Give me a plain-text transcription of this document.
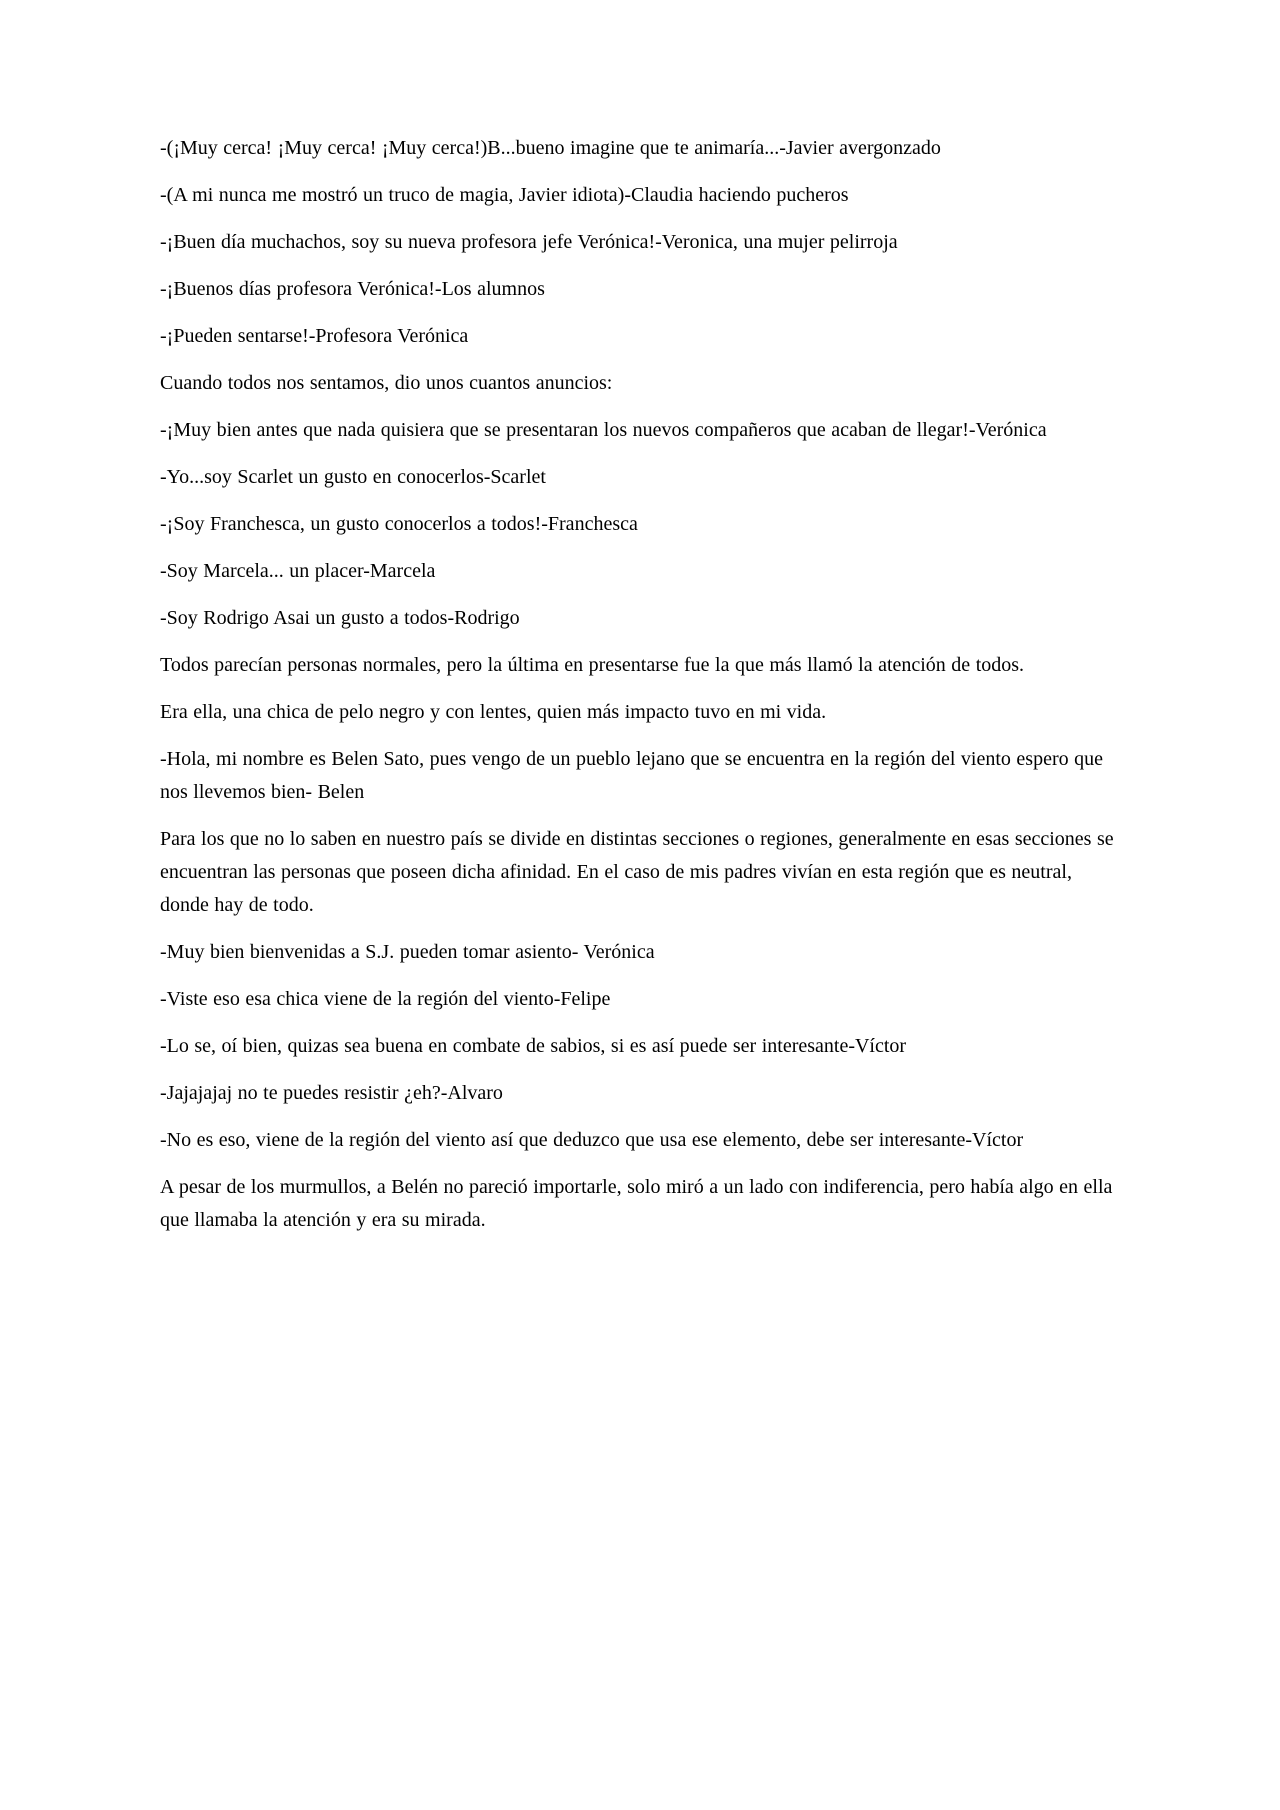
-(¡Muy cerca! ¡Muy cerca! ¡Muy cerca!)B...bueno imagine que te animaría...-Javier avergonzado

-(A mi nunca me mostró un truco de magia, Javier idiota)-Claudia haciendo pucheros

-¡Buen día muchachos, soy su nueva profesora jefe Verónica!-Veronica, una mujer pelirroja

-¡Buenos días profesora Verónica!-Los alumnos

-¡Pueden sentarse!-Profesora Verónica

Cuando todos nos sentamos, dio unos cuantos anuncios:

-¡Muy bien antes que nada quisiera que se presentaran los nuevos compañeros que acaban de llegar!-Verónica

-Yo...soy Scarlet un gusto en conocerlos-Scarlet

-¡Soy Franchesca, un gusto conocerlos a todos!-Franchesca

-Soy Marcela... un placer-Marcela

-Soy Rodrigo Asai un gusto a todos-Rodrigo

Todos parecían personas normales, pero la última en presentarse fue la que más llamó la atención de todos.

Era ella, una chica de pelo negro y con lentes, quien más impacto tuvo en mi vida.

-Hola, mi nombre es Belen Sato, pues vengo de un pueblo lejano que se encuentra en la región del viento espero que nos llevemos bien- Belen

Para los que no lo saben en nuestro país se divide en distintas secciones o regiones, generalmente en esas secciones se encuentran las personas que poseen dicha afinidad. En el caso de mis padres vivían en esta región que es neutral, donde hay de todo.

-Muy bien bienvenidas a S.J. pueden tomar asiento- Verónica

-Viste eso esa chica viene de la región del viento-Felipe

-Lo se, oí bien, quizas sea buena en combate de sabios, si es así puede ser interesante-Víctor

-Jajajajaj no te puedes resistir ¿eh?-Alvaro

-No es eso, viene de la región del viento así que deduzco que usa ese elemento, debe ser interesante-Víctor

A pesar de los murmullos, a Belén no pareció importarle, solo miró a un lado con indiferencia, pero había algo en ella que llamaba la atención y era su mirada.
